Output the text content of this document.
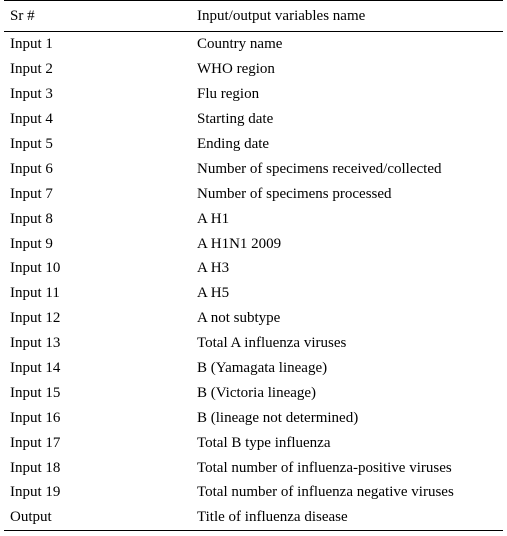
Sr #	Input/output variables name
Input 1	Country name
Input 2	WHO region
Input 3	Flu region
Input 4	Starting date
Input 5	Ending date
Input 6	Number of specimens received/collected
Input 7	Number of specimens processed
Input 8	A H1
Input 9	A H1N1 2009
Input 10	A H3
Input 11	A H5
Input 12	A not subtype
Input 13	Total A influenza viruses
Input 14	B (Yamagata lineage)
Input 15	B (Victoria lineage)
Input 16	B (lineage not determined)
Input 17	Total B type influenza
Input 18	Total number of influenza-positive viruses
Input 19	Total number of influenza negative viruses
Output	Title of influenza disease
